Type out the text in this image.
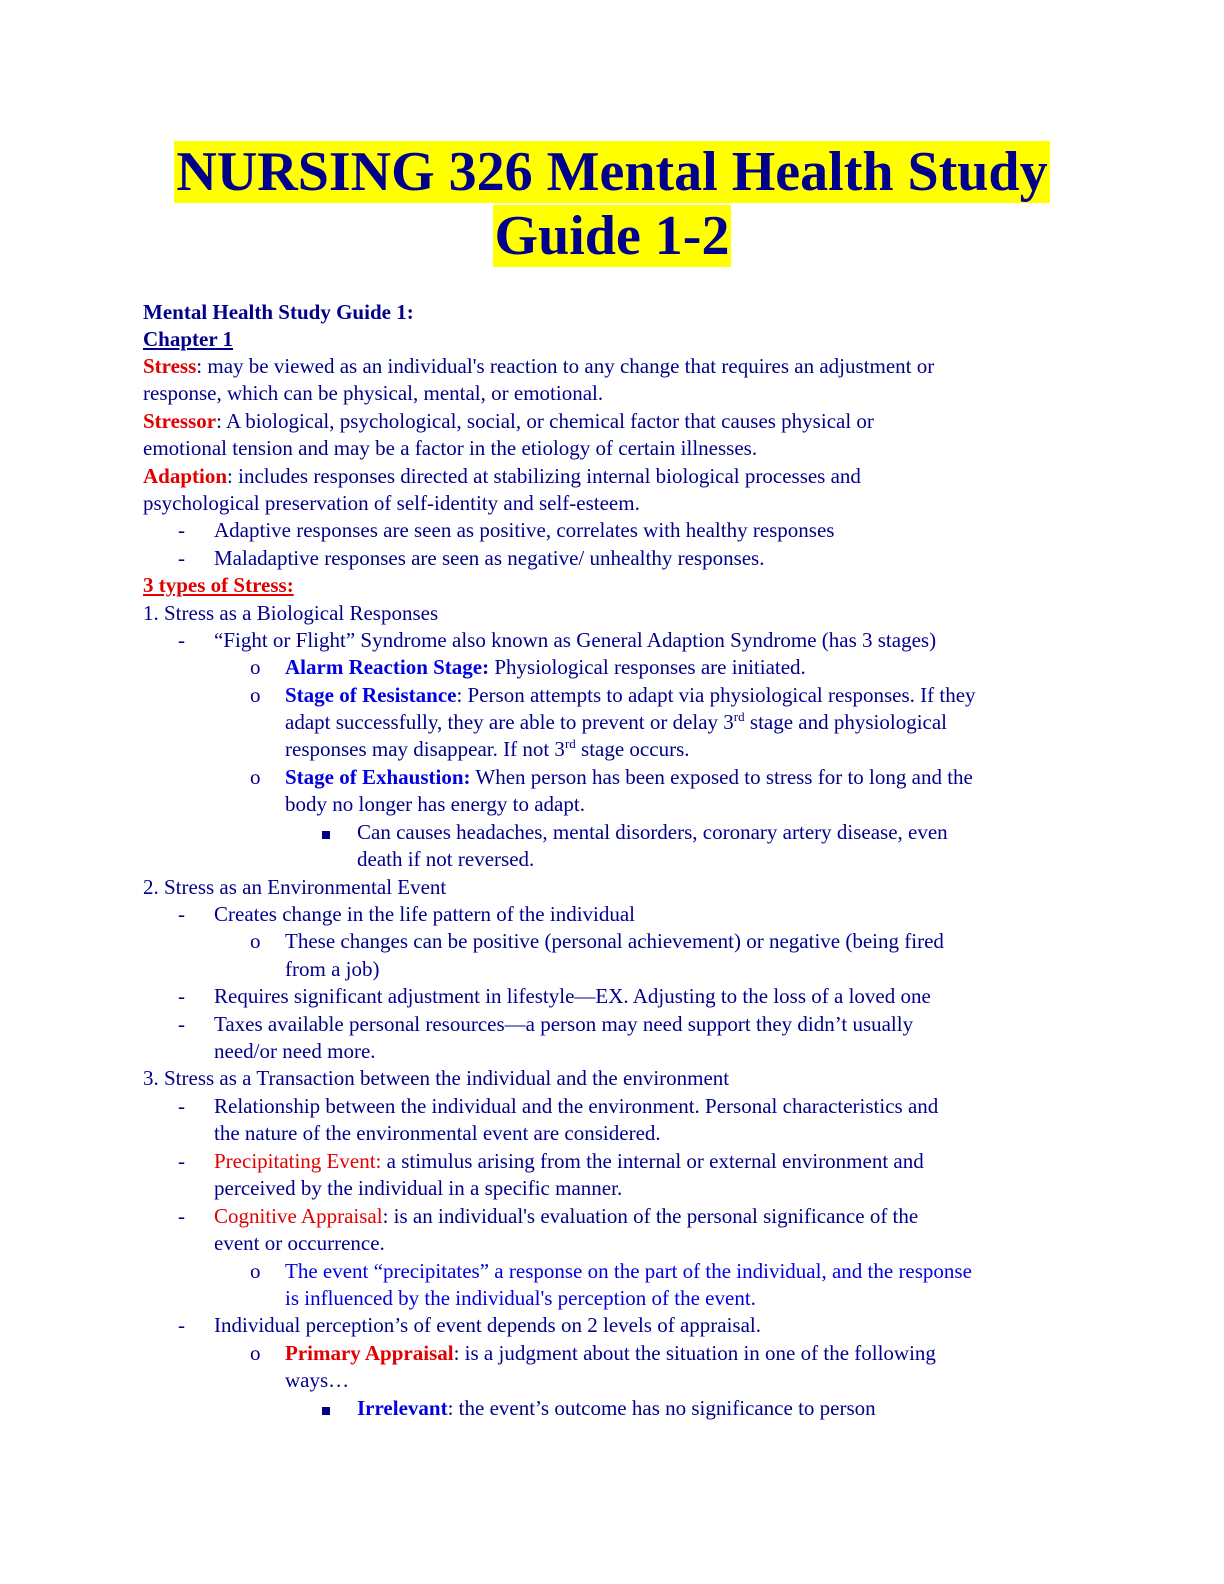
NURSING 326 Mental Health Study
Guide 1-2
Mental Health Study Guide 1:
Chapter 1
Stress: may be viewed as an individual's reaction to any change that requires an adjustment or
response, which can be physical, mental, or emotional.
Stressor: A biological, psychological, social, or chemical factor that causes physical or
emotional tension and may be a factor in the etiology of certain illnesses.
Adaption: includes responses directed at stabilizing internal biological processes and
psychological preservation of self-identity and self-esteem.
- Adaptive responses are seen as positive, correlates with healthy responses
- Maladaptive responses are seen as negative/ unhealthy responses.
3 types of Stress:
1. Stress as a Biological Responses
- “Fight or Flight” Syndrome also known as General Adaption Syndrome (has 3 stages)
o Alarm Reaction Stage: Physiological responses are initiated.
o Stage of Resistance: Person attempts to adapt via physiological responses. If they
adapt successfully, they are able to prevent or delay 3rd stage and physiological
responses may disappear. If not 3rd stage occurs.
o Stage of Exhaustion: When person has been exposed to stress for to long and the
body no longer has energy to adapt.
Can causes headaches, mental disorders, coronary artery disease, even
death if not reversed.
2. Stress as an Environmental Event
- Creates change in the life pattern of the individual
o These changes can be positive (personal achievement) or negative (being fired
from a job)
- Requires significant adjustment in lifestyle—EX. Adjusting to the loss of a loved one
- Taxes available personal resources—a person may need support they didn’t usually
need/or need more.
3. Stress as a Transaction between the individual and the environment
- Relationship between the individual and the environment. Personal characteristics and
the nature of the environmental event are considered.
- Precipitating Event: a stimulus arising from the internal or external environment and
perceived by the individual in a specific manner.
- Cognitive Appraisal: is an individual's evaluation of the personal significance of the
event or occurrence.
o The event “precipitates” a response on the part of the individual, and the response
is influenced by the individual's perception of the event.
- Individual perception’s of event depends on 2 levels of appraisal.
o Primary Appraisal: is a judgment about the situation in one of the following
ways…
Irrelevant: the event’s outcome has no significance to person
